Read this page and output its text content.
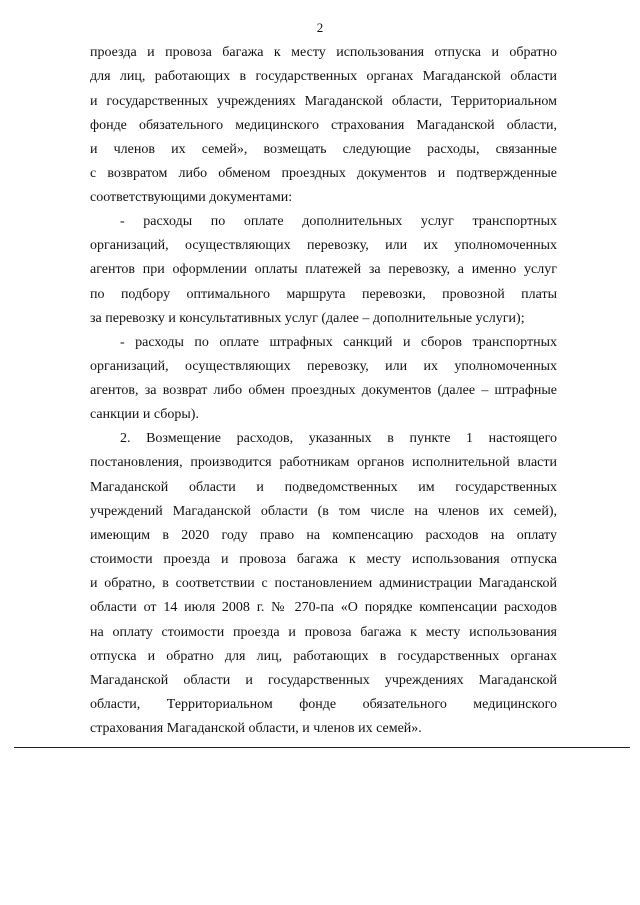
2
проезда и провоза багажа к месту использования отпуска и обратно
для лиц, работающих в государственных органах Магаданской области
и государственных учреждениях Магаданской области, Территориальном
фонде обязательного медицинского страхования Магаданской области,
и членов их семей», возмещать следующие расходы, связанные
с возвратом либо обменом проездных документов и подтвержденные
соответствующими документами:
- расходы по оплате дополнительных услуг транспортных
организаций, осуществляющих перевозку, или их уполномоченных
агентов при оформлении оплаты платежей за перевозку, а именно услуг
по подбору оптимального маршрута перевозки, провозной платы
за перевозку и консультативных услуг (далее – дополнительные услуги);
- расходы по оплате штрафных санкций и сборов транспортных
организаций, осуществляющих перевозку, или их уполномоченных
агентов, за возврат либо обмен проездных документов (далее – штрафные
санкции и сборы).
2. Возмещение расходов, указанных в пункте 1 настоящего
постановления, производится работникам органов исполнительной власти
Магаданской области и подведомственных им государственных
учреждений Магаданской области (в том числе на членов их семей),
имеющим в 2020 году право на компенсацию расходов на оплату
стоимости проезда и провоза багажа к месту использования отпуска
и обратно, в соответствии с постановлением администрации Магаданской
области от 14 июля 2008 г. № 270-па «О порядке компенсации расходов
на оплату стоимости проезда и провоза багажа к месту использования
отпуска и обратно для лиц, работающих в государственных органах
Магаданской области и государственных учреждениях Магаданской
области, Территориальном фонде обязательного медицинского
страхования Магаданской области, и членов их семей».
